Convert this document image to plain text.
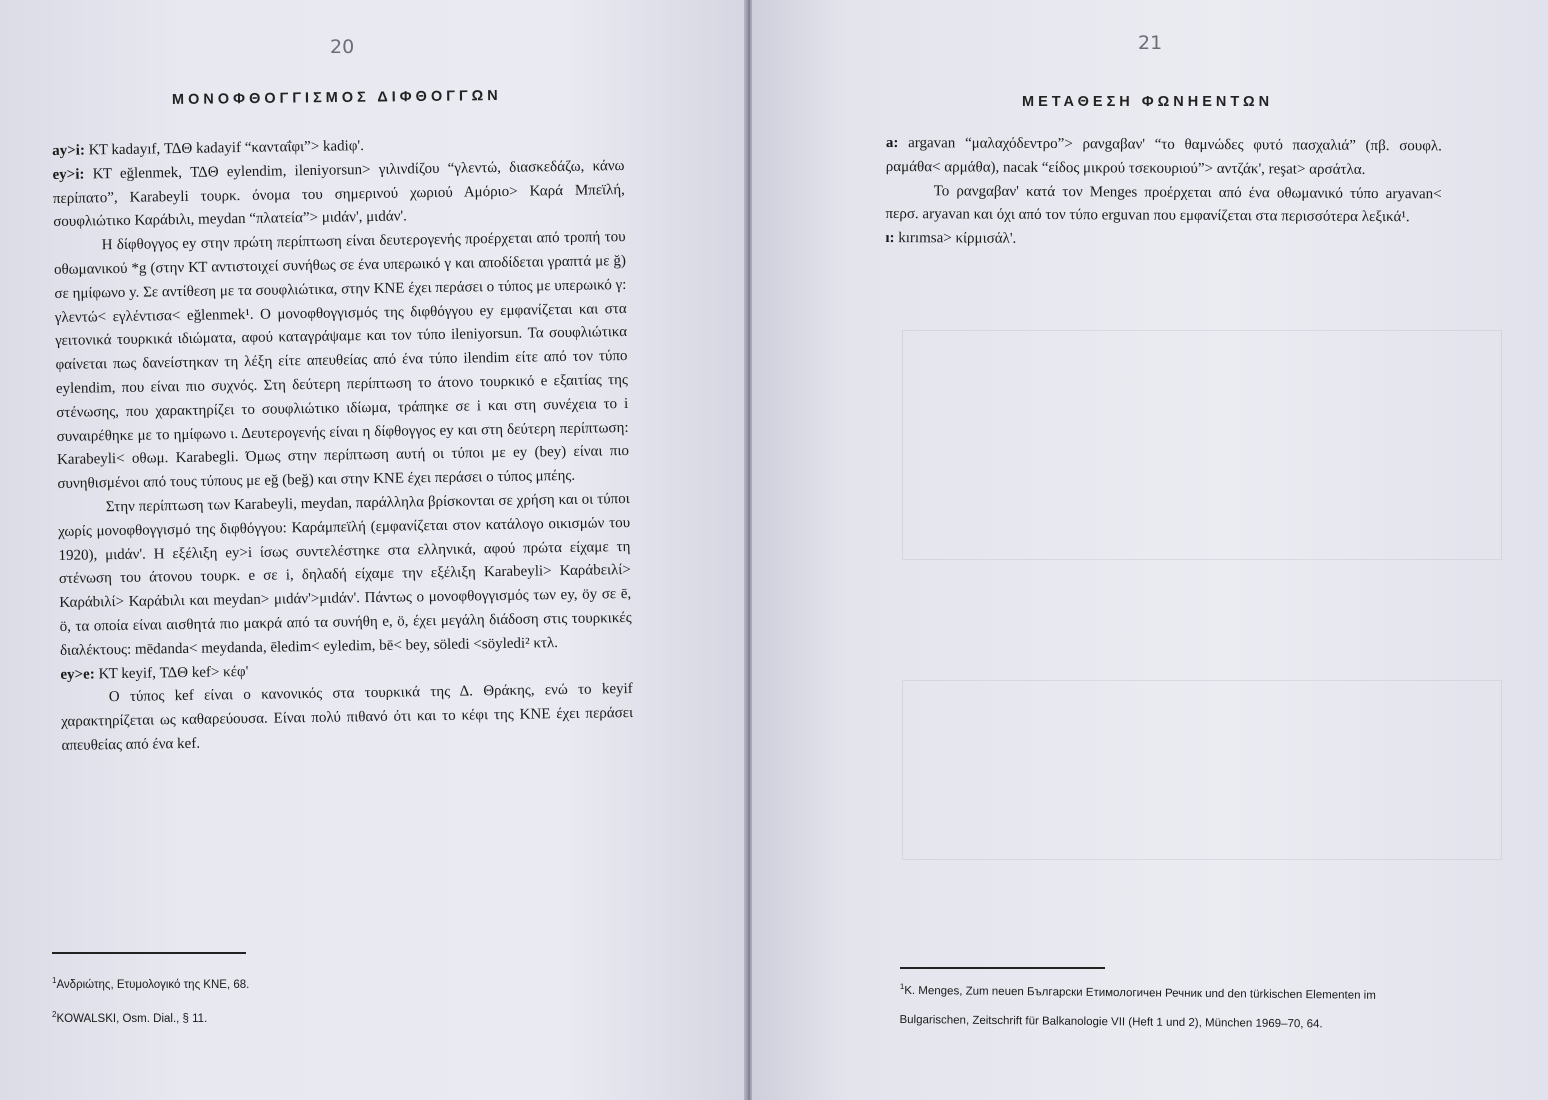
20
ΜΟΝΟΦΘΟΓΓΙΣΜΟΣ ΔΙΦΘΟΓΓΩΝ

ay>i: ΚΤ kadayıf, ΤΔΘ kadayif “κανταΐφι”> kadiφ'.

ey>i: ΚΤ eğlenmek, ΤΔΘ eylendim, ileniyorsun> γιλινdίζου “γλεντώ, διασκεδάζω, κάνω περίπατο”, Karabeyli τουρκ. όνομα του σημερινού χωριού Αμόριο> Καρά Μπεϊλή, σουφλιώτικο Καράbιλι, meydan “πλατεία”> μιdάν', μιdάν'.

Η δίφθογγος ey στην πρώτη περίπτωση είναι δευτερογενής προέρχεται από τροπή του οθωμανικού *g (στην ΚΤ αντιστοιχεί συνήθως σε ένα υπερωικό γ και αποδίδεται γραπτά με ğ) σε ημίφωνο y. Σε αντίθεση με τα σουφλιώτικα, στην ΚΝΕ έχει περάσει ο τύπος με υπερωικό γ: γλεντώ< εγλέντισα< eğlenmek¹. Ο μονοφθογγισμός της διφθόγγου ey εμφανίζεται και στα γειτονικά τουρκικά ιδιώματα, αφού καταγράψαμε και τον τύπο ileniyorsun. Τα σουφλιώτικα φαίνεται πως δανείστηκαν τη λέξη είτε απευθείας από ένα τύπο ilendim είτε από τον τύπο eylendim, που είναι πιο συχνός. Στη δεύτερη περίπτωση το άτονο τουρκικό e εξαιτίας της στένωσης, που χαρακτηρίζει το σουφλιώτικο ιδίωμα, τράπηκε σε i και στη συνέχεια το i συναιρέθηκε με το ημίφωνο ι. Δευτερογενής είναι η δίφθογγος ey και στη δεύτερη περίπτωση: Karabeyli< οθωμ. Karabegli. Όμως στην περίπτωση αυτή οι τύποι με ey (bey) είναι πιο συνηθισμένοι από τους τύπους με eğ (beğ) και στην ΚΝΕ έχει περάσει ο τύπος μπέης.

Στην περίπτωση των Karabeyli, meydan, παράλληλα βρίσκονται σε χρήση και οι τύποι χωρίς μονοφθογγισμό της διφθόγγου: Καράμπεϊλή (εμφανίζεται στον κατάλογο οικισμών του 1920), μιdάν'. Η εξέλιξη ey>i ίσως συντελέστηκε στα ελληνικά, αφού πρώτα είχαμε τη στένωση του άτονου τουρκ. e σε i, δηλαδή είχαμε την εξέλιξη Karabeyli> Καράbειλί> Καράbιλί> Καράbιλι και meydan> μιdάν'>μιdάν'. Πάντως ο μονοφθογγισμός των ey, öy σε ē, ö, τα οποία είναι αισθητά πιο μακρά από τα συνήθη e, ö, έχει μεγάλη διάδοση στις τουρκικές διαλέκτους: mēdanda< meydanda, ēledim< eyledim, bē< bey, söledi <söyledi² κτλ.

ey>e: ΚΤ keyif, ΤΔΘ kef> κέφ'

Ο τύπος kef είναι ο κανονικός στα τουρκικά της Δ. Θράκης, ενώ το keyif χαρακτηρίζεται ως καθαρεύουσα. Είναι πολύ πιθανό ότι και το κέφι της ΚΝΕ έχει περάσει απευθείας από ένα kef.

$^1$Ανδριώτης, Ετυμολογικό της ΚΝΕ, 68.
$^2$KOWALSKI, Osm. Dial., § 11.
21
ΜΕΤΑΘΕΣΗ ΦΩΝΗΕΝΤΩΝ

a: argavan “μαλαχόδεντρο”> ρανgαβαν' “το θαμνώδες φυτό πασχαλιά” (πβ. σουφλ. ραμάθα< αρμάθα), nacak “είδος μικρού τσεκουριού”> αντζάκ', reşat> αρσάτλα.

Το ρανgαβαν' κατά τον Menges προέρχεται από ένα οθωμανικό τύπο aryavan< περσ. aryavan και όχι από τον τύπο erguvan που εμφανίζεται στα περισσότερα λεξικά¹.

ı: kırımsa> κίρμισάλ'.

$^1$K. Menges, Zum neuen Бългapски Етимологичен Речник und den türkischen Elementen im Bulgarischen, Zeitschrift für Balkanologie VII (Heft 1 und 2), München 1969–70, 64.
